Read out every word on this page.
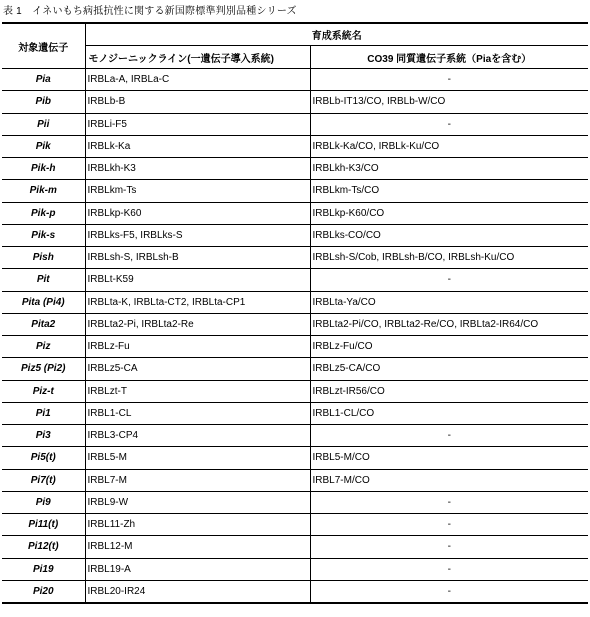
表 1　イネいもち病抵抗性に関する新国際標準判別品種シリーズ
対象遺伝子	育成系統名	
	モノジーニックライン(一遺伝子導入系統)	CO39 同質遺伝子系統（Piaを含む）
Pia	IRBLa-A, IRBLa-C	-
Pib	IRBLb-B	IRBLb-IT13/CO, IRBLb-W/CO
Pii	IRBLi-F5	-
Pik	IRBLk-Ka	IRBLk-Ka/CO, IRBLk-Ku/CO
Pik-h	IRBLkh-K3	IRBLkh-K3/CO
Pik-m	IRBLkm-Ts	IRBLkm-Ts/CO
Pik-p	IRBLkp-K60	IRBLkp-K60/CO
Pik-s	IRBLks-F5, IRBLks-S	IRBLks-CO/CO
Pish	IRBLsh-S, IRBLsh-B	IRBLsh-S/Cob, IRBLsh-B/CO, IRBLsh-Ku/CO
Pit	IRBLt-K59	-
Pita (Pi4)	IRBLta-K, IRBLta-CT2, IRBLta-CP1	IRBLta-Ya/CO
Pita2	IRBLta2-Pi, IRBLta2-Re	IRBLta2-Pi/CO, IRBLta2-Re/CO, IRBLta2-IR64/CO
Piz	IRBLz-Fu	IRBLz-Fu/CO
Piz5 (Pi2)	IRBLz5-CA	IRBLz5-CA/CO
Piz-t	IRBLzt-T	IRBLzt-IR56/CO
Pi1	IRBL1-CL	IRBL1-CL/CO
Pi3	IRBL3-CP4	-
Pi5(t)	IRBL5-M	IRBL5-M/CO
Pi7(t)	IRBL7-M	IRBL7-M/CO
Pi9	IRBL9-W	-
Pi11(t)	IRBL11-Zh	-
Pi12(t)	IRBL12-M	-
Pi19	IRBL19-A	-
Pi20	IRBL20-IR24	-
